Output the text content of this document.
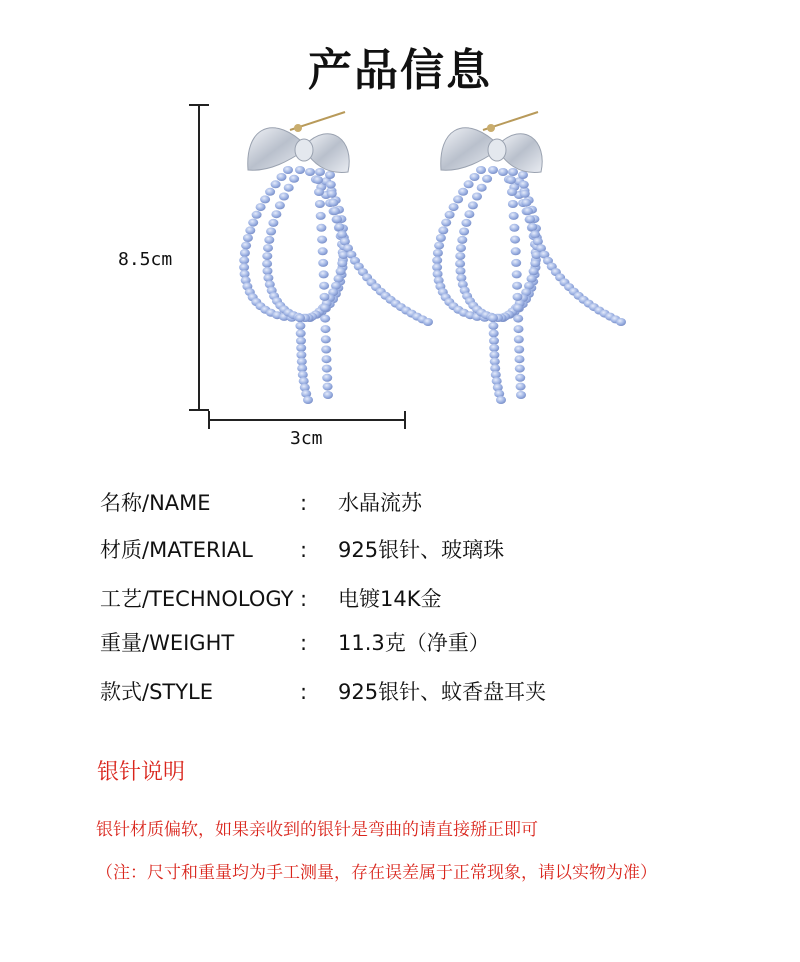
产品信息
8.5cm
3cm
名称/NAME	: 水晶流苏
材质/MATERIAL : 925银针、玻璃珠
工艺/TECHNOLOGY : 电镀14K金
重量/WEIGHT	: 11.3克（净重）
款式/STYLE	: 925银针、蚊香盘耳夹
银针说明
银针材质偏软，如果亲收到的银针是弯曲的请直接掰正即可
（注：尺寸和重量均为手工测量，存在误差属于正常现象，请以实物为准）
